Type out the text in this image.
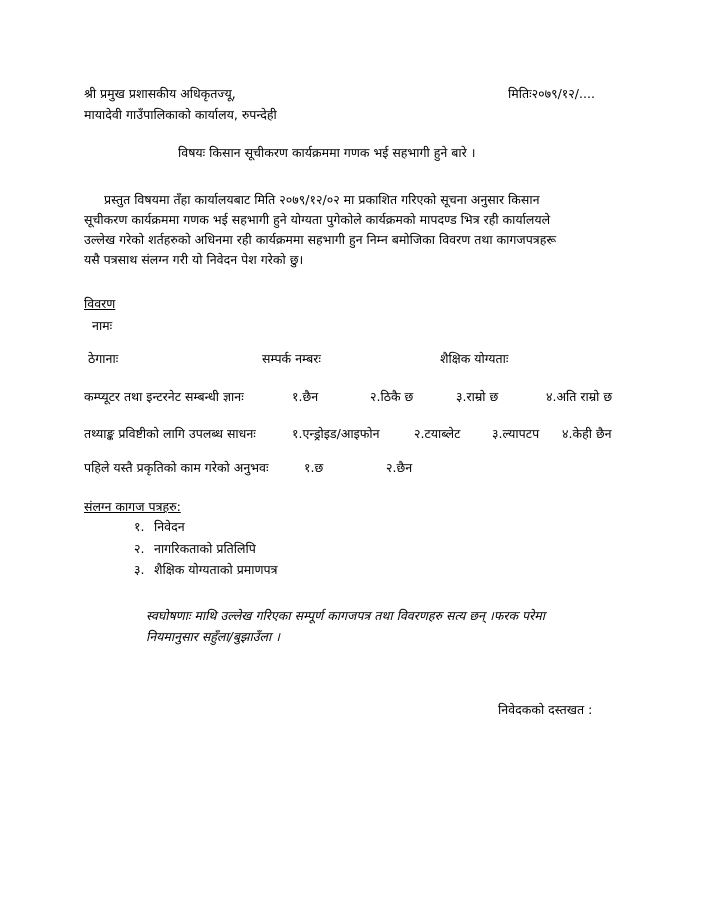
श्री प्रमुख प्रशासकीय अधिकृतज्यू,
मायादेवी गाउँपालिकाको कार्यालय, रुपन्देही
मितिः२०७९/१२/....
विषयः किसान सूचीकरण कार्यक्रममा गणक भई सहभागी हुने बारे ।
प्रस्तुत विषयमा तँहा कार्यालयबाट मिति २०७९/१२/०२ मा प्रकाशित गरिएको सूचना अनुसार किसान
सूचीकरण कार्यक्रममा गणक भई सहभागी हुने योग्यता पुगेकोले कार्यक्रमको मापदण्ड भित्र रही कार्यालयले
उल्लेख गरेको शर्तहरुको अधिनमा रही कार्यक्रममा सहभागी हुन निम्न बमोजिका विवरण तथा कागजपत्रहरू
यसै पत्रसाथ संलग्न गरी यो निवेदन पेश गरेको छु।
विवरण
नामः
ठेगानाः	सम्पर्क नम्बरः	शैक्षिक योग्यताः
कम्प्यूटर तथा इन्टरनेट सम्बन्धी ज्ञानः	१.छैन	२.ठिकै छ	३.राम्रो छ	४.अति राम्रो छ
तथ्याङ्क प्रविष्टीको लागि उपलब्ध साधनः	१.एन्ड्रोइड/आइफोन	२.टयाब्लेट	३.ल्यापटप ४.केही छैन
पहिले यस्तै प्रकृतिको काम गरेको अनुभवः	१.छ	२.छैन
संलग्न कागज पत्रहरु:
१. निवेदन
२. नागरिकताको प्रतिलिपि
३. शैक्षिक योग्यताको प्रमाणपत्र
स्वघोषणाः माथि उल्लेख गरिएका सम्पूर्ण कागजपत्र तथा विवरणहरु सत्य छन् ।फरक परेमा
नियमानुसार सहुँला/बुझाउँला ।
निवेदकको दस्तखत :
